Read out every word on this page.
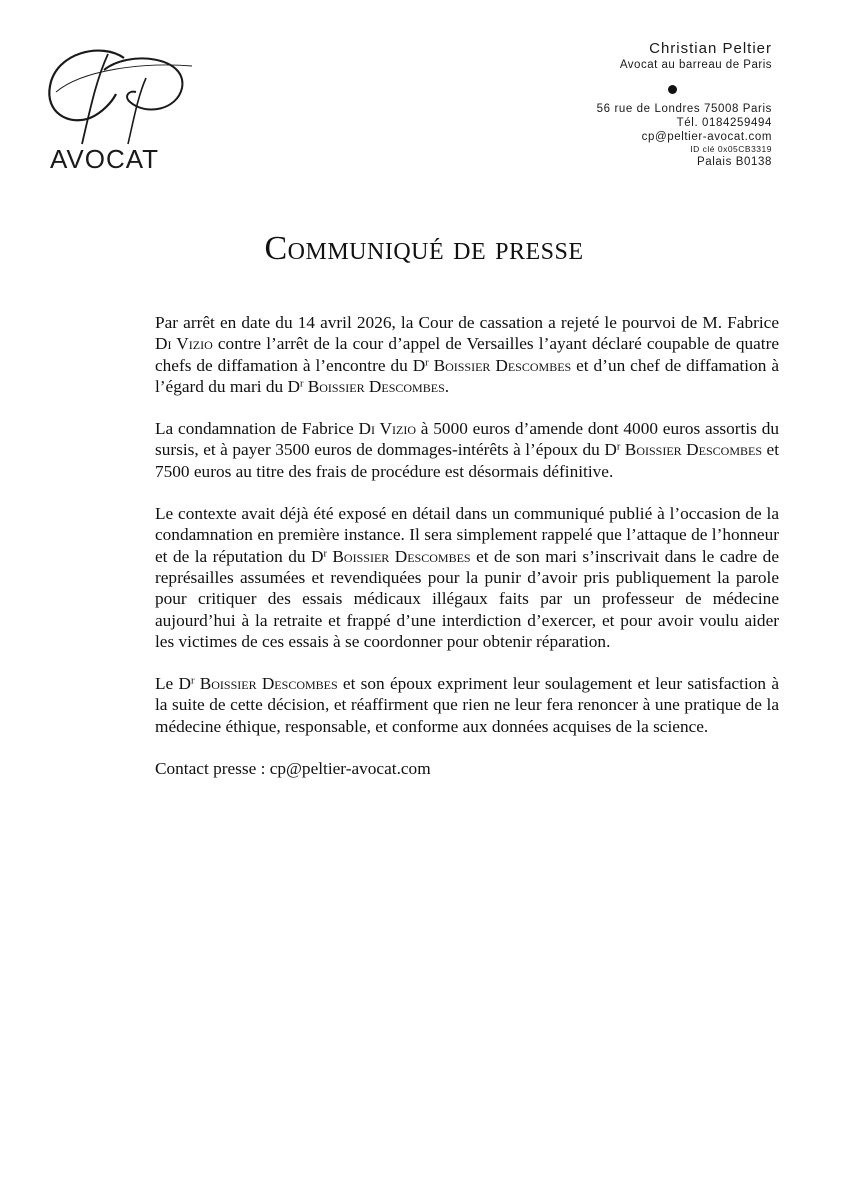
AVOCAT
Christian Peltier
Avocat au barreau de Paris
56 rue de Londres 75008 Paris
Tél. 0184259494
cp@peltier-avocat.com
ID clé 0x05CB3319
Palais B0138
Communiqué de presse

Par arrêt en date du 14 avril 2026, la Cour de cassation a rejeté le pourvoi de M. Fabrice Di Vizio contre l’arrêt de la cour d’appel de Versailles l’ayant déclaré coupable de quatre chefs de diffamation à l’encontre du $D^r$ Boissier Descombes et d’un chef de diffamation à l’égard du mari du $D^r$ Boissier Descombes.

La condamnation de Fabrice Di Vizio à 5000 euros d’amende dont 4000 euros assortis du sursis, et à payer 3500 euros de dommages-intérêts à l’époux du $D^r$ Boissier Descombes et 7500 euros au titre des frais de procédure est désormais définitive.

Le contexte avait déjà été exposé en détail dans un communiqué publié à l’occasion de la condamnation en première instance. Il sera simplement rappelé que l’attaque de l’honneur et de la réputation du $D^r$ Boissier Descombes et de son mari s’inscrivait dans le cadre de représailles assumées et revendiquées pour la punir d’avoir pris publiquement la parole pour critiquer des essais médicaux illégaux faits par un professeur de médecine aujourd’hui à la retraite et frappé d’une interdiction d’exercer, et pour avoir voulu aider les victimes de ces essais à se coordonner pour obtenir réparation.

Le $D^r$ Boissier Descombes et son époux expriment leur soulagement et leur satisfaction à la suite de cette décision, et réaffirment que rien ne leur fera renoncer à une pratique de la médecine éthique, responsable, et conforme aux données acquises de la science.

Contact presse : cp@peltier-avocat.com
